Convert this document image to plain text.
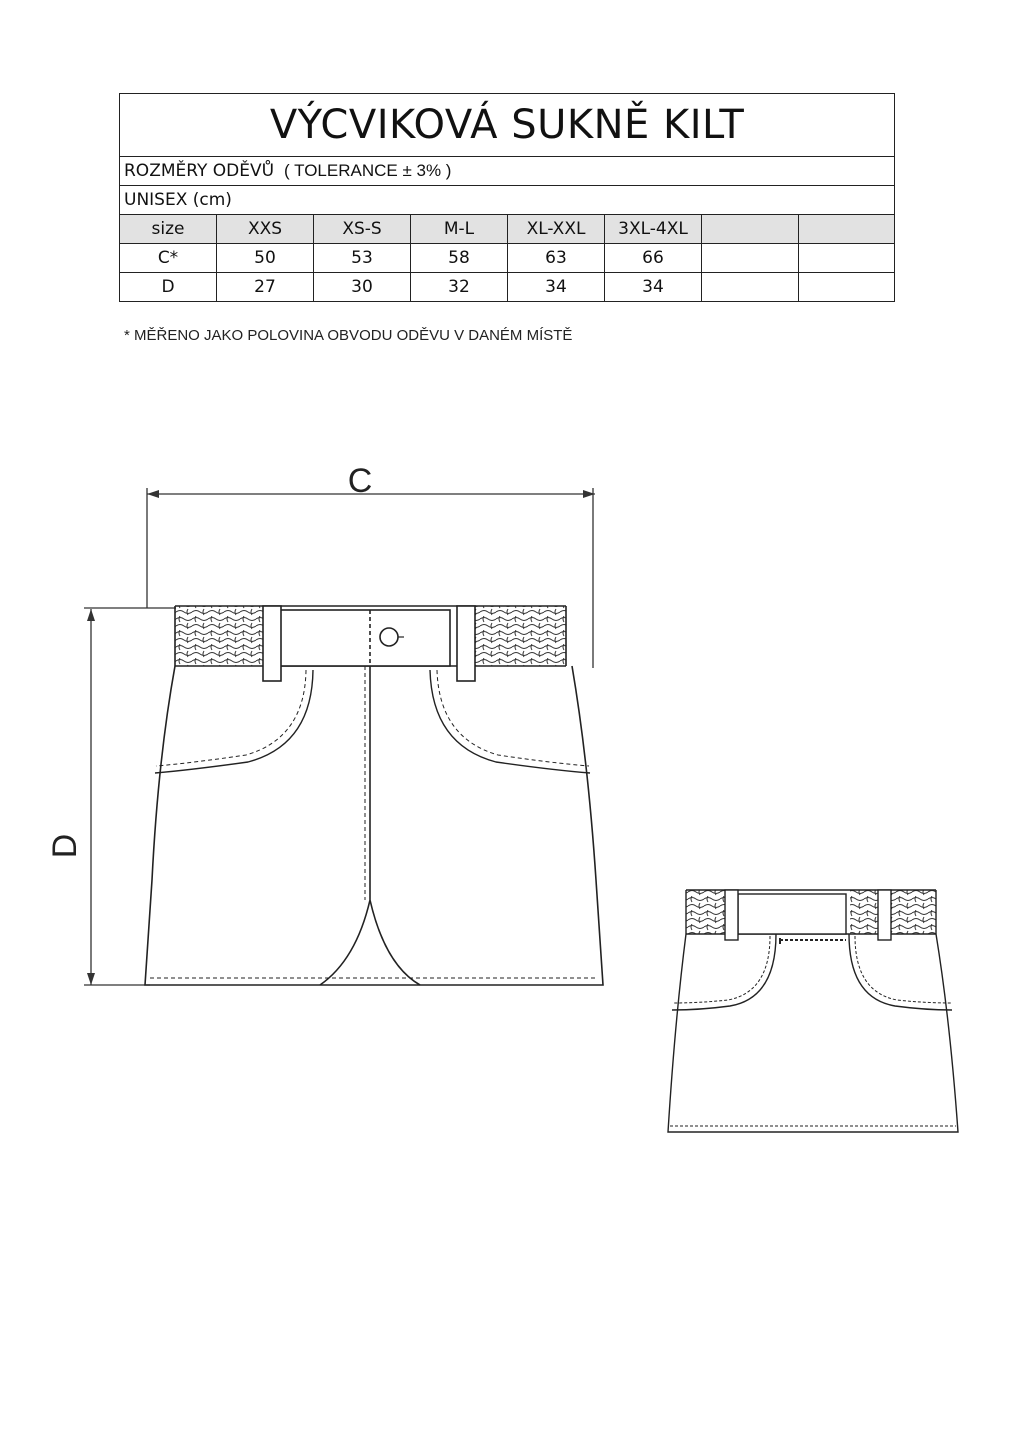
VÝCVIKOVÁ SUKNĚ KILT							
ROZMĚRY ODĚVŮ ( TOLERANCE ± 3% )							
UNISEX (cm)							
size	XXS	XS-S	M-L	XL-XXL	3XL-4XL		
C*	50	53	58	63	66		
D	27	30	32	34	34		
* MĚŘENO JAKO POLOVINA OBVODU ODĚVU V DANÉM MÍSTĚ
C
D
